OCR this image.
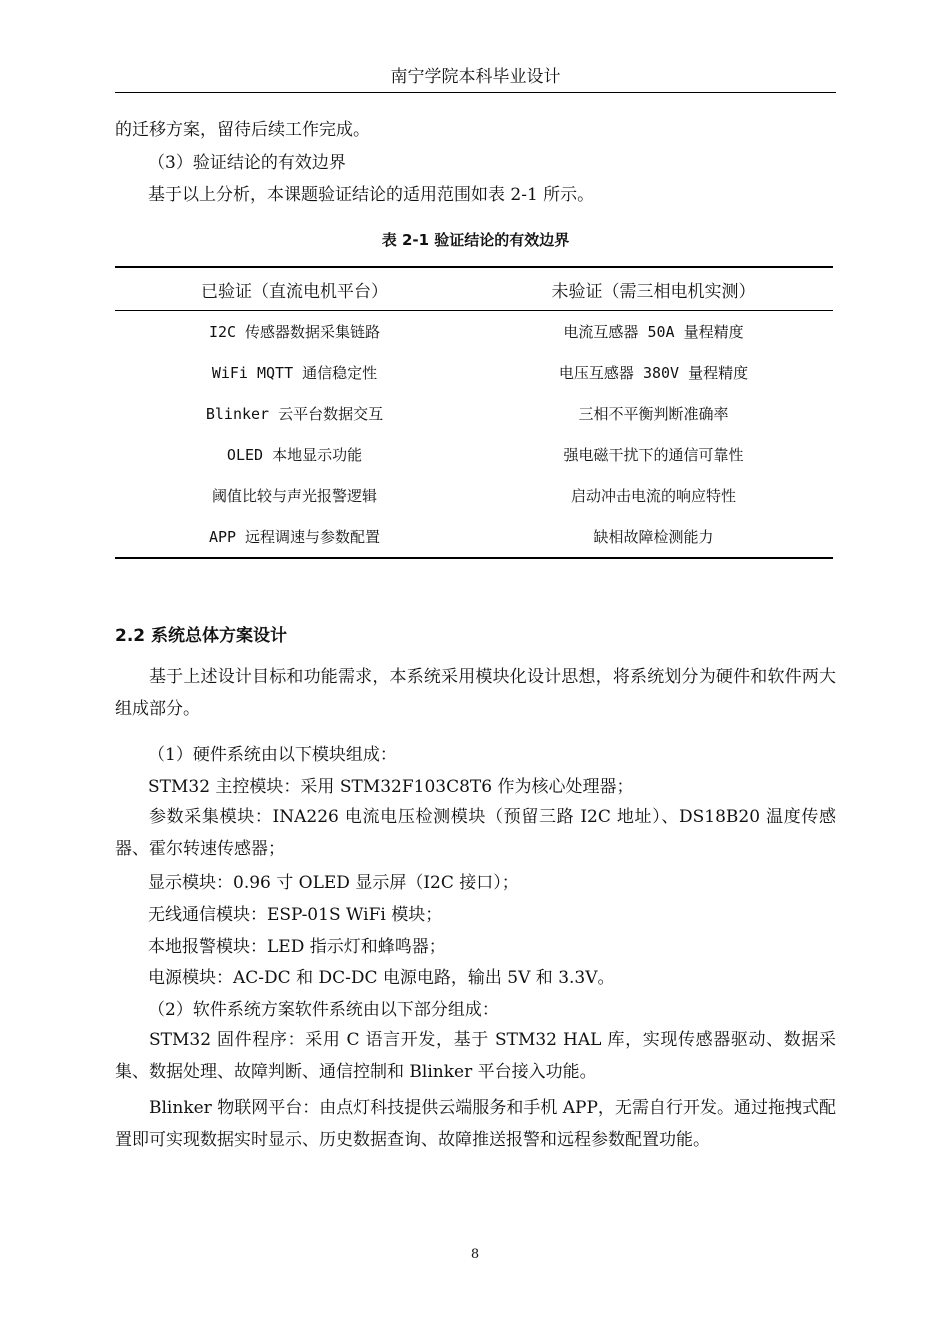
南宁学院本科毕业设计
的迁移方案，留待后续工作完成。
（3）验证结论的有效边界
基于以上分析，本课题验证结论的适用范围如表 2-1 所示。
表 2-1 验证结论的有效边界
已验证（直流电机平台）	未验证（需三相电机实测）
I2C 传感器数据采集链路	电流互感器 50A 量程精度
WiFi MQTT 通信稳定性	电压互感器 380V 量程精度
Blinker 云平台数据交互	三相不平衡判断准确率
OLED 本地显示功能	强电磁干扰下的通信可靠性
阈值比较与声光报警逻辑	启动冲击电流的响应特性
APP 远程调速与参数配置	缺相故障检测能力
2.2 系统总体方案设计
基于上述设计目标和功能需求，本系统采用模块化设计思想，将系统划分为硬件和软件两大组成部分。
（1）硬件系统由以下模块组成：
STM32 主控模块：采用 STM32F103C8T6 作为核心处理器；
参数采集模块：INA226 电流电压检测模块（预留三路 I2C 地址）、DS18B20 温度传感器、霍尔转速传感器；
显示模块：0.96 寸 OLED 显示屏（I2C 接口）；
无线通信模块：ESP-01S WiFi 模块；
本地报警模块：LED 指示灯和蜂鸣器；
电源模块：AC-DC 和 DC-DC 电源电路，输出 5V 和 3.3V。
（2）软件系统方案软件系统由以下部分组成：
STM32 固件程序：采用 C 语言开发，基于 STM32 HAL 库，实现传感器驱动、数据采集、数据处理、故障判断、通信控制和 Blinker 平台接入功能。
Blinker 物联网平台：由点灯科技提供云端服务和手机 APP，无需自行开发。通过拖拽式配置即可实现数据实时显示、历史数据查询、故障推送报警和远程参数配置功能。
8
